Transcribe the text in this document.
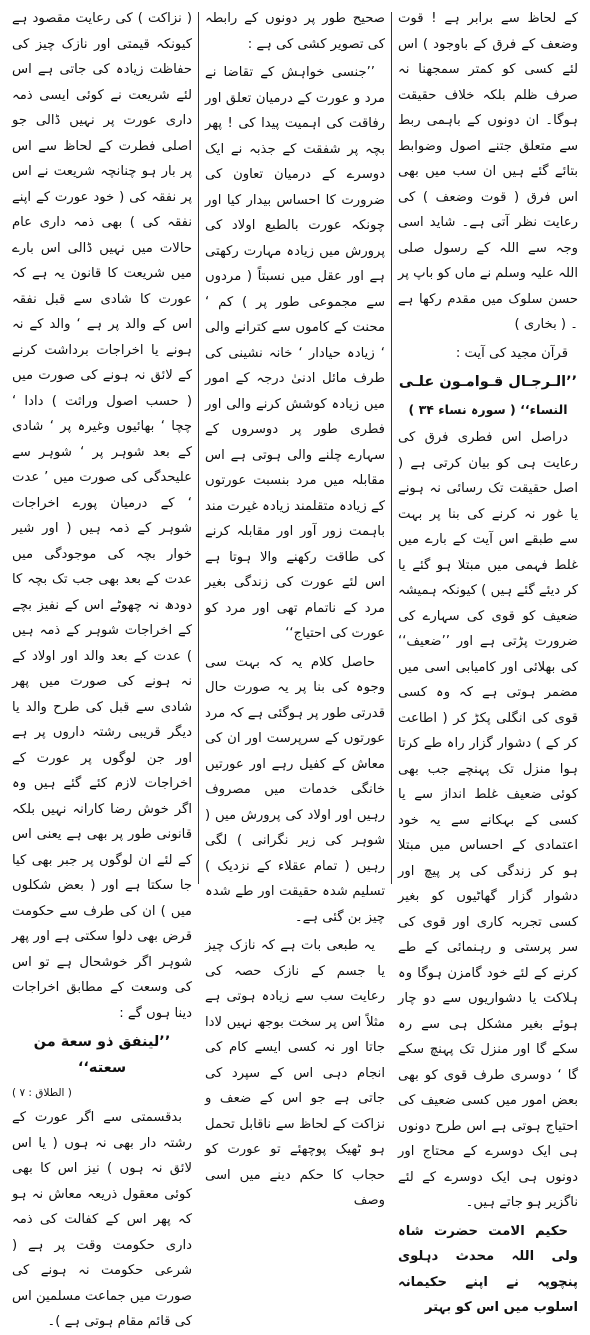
کے لحاظ سے برابر ہے ! قوت وضعف کے فرق کے باوجود ) اس لئے کسی کو کمتر سمجھنا نہ صرف ظلم بلکہ خلاف حقیقت ہوگا۔ ان دونوں کے باہمی ربط سے متعلق جتنے اصول وضوابط بتائے گئے ہیں ان سب میں بھی اس فرق ( قوت وضعف ) کی رعایت نظر آتی ہے۔ شاید اسی وجہ سے اللہ کے رسول صلی اللہ علیہ وسلم نے ماں کو باپ پر حسن سلوک میں مقدم رکھا ہے ۔ ( بخاری )

قرآن مجید کی آیت :

’’الـرجـال قـوامـون علـى

النساء‘‘ ( سورہ نساء ۳۴ )

دراصل اس فطری فرق کی رعایت ہی کو بیان کرتی ہے ( اصل حقیقت تک رسائی نہ ہونے یا غور نہ کرنے کی بنا پر بہت سے طبقے اس آیت کے بارے میں غلط فہمی میں مبتلا ہو گئے یا کر دیئے گئے ہیں ) کیونکہ ہمیشہ ضعیف کو قوی کی سہارے کی ضرورت پڑتی ہے اور ’’ضعیف‘‘ کی بھلائی اور کامیابی اسی میں مضمر ہوتی ہے کہ وہ کسی قوی کی انگلی پکڑ کر ( اطاعت کر کے ) دشوار گزار راہ طے کرتا ہوا منزل تک پہنچے جب بھی کوئی ضعیف غلط انداز سے یا کسی کے بہکانے سے یہ خود اعتمادی کے احساس میں مبتلا ہو کر زندگی کی پر پیچ اور دشوار گزار گھاٹیوں کو بغیر کسی تجربہ کاری اور قوی کی سر پرستی و رہنمائی کے طے کرنے کے لئے خود گامزن ہوگا وہ ہلاکت یا دشواریوں سے دو چار ہوئے بغیر مشکل ہی سے رہ سکے گا اور منزل تک پہنچ سکے گا ‘ دوسری طرف قوی کو بھی بعض امور میں کسی ضعیف کی احتیاج ہوتی ہے اس طرح دونوں ہی ایک دوسرے کے محتاج اور دونوں ہی ایک دوسرے کے لئے ناگزیر ہو جاتے ہیں۔

حکیم الامت حضرت شاہ ولی اللہ محدث دہلوی پنچوپہ نے اپنے حکیمانہ اسلوب میں اس کو بہتر

صحیح طور پر دونوں کے رابطہ کی تصویر کشی کی ہے :

’’جنسی خواہش کے تقاضا نے مرد و عورت کے درمیان تعلق اور رفاقت کی اہمیت پیدا کی ! پھر بچہ پر شفقت کے جذبہ نے ایک دوسرے کے درمیان تعاون کی ضرورت کا احساس بیدار کیا اور چونکہ عورت بالطبع اولاد کی پرورش میں زیادہ مہارت رکھتی ہے اور عقل میں نسبتاً ( مردوں سے مجموعی طور پر ) کم ‘ محنت کے کاموں سے کترانے والی ‘ زیادہ حیادار ‘ خانہ نشینی کی طرف مائل ادنیٰ درجہ کے امور میں زیادہ کوشش کرنے والی اور فطری طور پر دوسروں کے سہارے چلنے والی ہوتی ہے اس مقابلہ میں مرد بنسبت عورتوں کے زیادہ متقلمند زیادہ غیرت مند باہمت زور آور اور مقابلہ کرنے کی طاقت رکھنے والا ہوتا ہے اس لئے عورت کی زندگی بغیر مرد کے ناتمام تھی اور مرد کو عورت کی احتیاج‘‘

حاصل کلام یہ کہ بہت سی وجوہ کی بنا پر یہ صورت حال قدرتی طور پر ہوگئی ہے کہ مرد عورتوں کے سرپرست اور ان کی معاش کے کفیل رہے اور عورتیں خانگی خدمات میں مصروف رہیں اور اولاد کی پرورش میں ( شوہر کی زیر نگرانی ) لگی رہیں ( تمام عقلاء کے نزدیک ) تسلیم شدہ حقیقت اور طے شدہ چیز بن گئی ہے۔

یہ طبعی بات ہے کہ نازک چیز یا جسم کے نازک حصہ کی رعایت سب سے زیادہ ہوتی ہے مثلاً اس پر سخت بوجھ نہیں لادا جاتا اور نہ کسی ایسے کام کی انجام دہی اس کے سپرد کی جاتی ہے جو اس کے ضعف و نزاکت کے لحاظ سے ناقابل تحمل ہو ٹھیک پوچھئے تو عورت کو حجاب کا حکم دینے میں اسی وصف

( نزاکت ) کی رعایت مقصود ہے کیونکہ قیمتی اور نازک چیز کی حفاظت زیادہ کی جاتی ہے اس لئے شریعت نے کوئی ایسی ذمہ داری عورت پر نہیں ڈالی جو اصلی فطرت کے لحاظ سے اس پر بار ہو چنانچہ شریعت نے اس پر نفقہ کی ( خود عورت کے اپنے نفقہ کی ) بھی ذمہ داری عام حالات میں نہیں ڈالی اس بارے میں شریعت کا قانون یہ ہے کہ عورت کا شادی سے قبل نفقہ اس کے والد پر ہے ‘ والد کے نہ ہونے یا اخراجات برداشت کرنے کے لائق نہ ہونے کی صورت میں ( حسب اصول وراثت ) دادا ‘ چچا ‘ بھائیوں وغیرہ پر ‘ شادی کے بعد شوہر پر ‘ شوہر سے علیحدگی کی صورت میں ’ عدت ‘ کے درمیان پورے اخراجات شوہر کے ذمہ ہیں ( اور شیر خوار بچہ کی موجودگی میں عدت کے بعد بھی جب تک بچہ کا دودھ نہ چھوٹے اس کے نفیز بچے کے اخراجات شوہر کے ذمہ ہیں ) عدت کے بعد والد اور اولاد کے نہ ہونے کی صورت میں پھر شادی سے قبل کی طرح والد یا دیگر قریبی رشتہ داروں پر ہے اور جن لوگوں پر عورت کے اخراجات لازم کئے گئے ہیں وہ اگر خوش رضا کارانہ نہیں بلکہ قانونی طور پر بھی ہے یعنی اس کے لئے ان لوگوں پر جبر بھی کیا جا سکتا ہے اور ( بعض شکلوں میں ) ان کی طرف سے حکومت قرض بھی دلوا سکتی ہے اور پھر شوہر اگر خوشحال ہے تو اس کی وسعت کے مطابق اخراجات دینا ہوں گے :

’’لينفق ذو سعة من سعته‘‘

( الطلاق : ۷ )

بدقسمتی سے اگر عورت کے رشتہ دار بھی نہ ہوں ( یا اس لائق نہ ہوں ) نیز اس کا بھی کوئی معقول ذریعہ معاش نہ ہو کہ پھر اس کے کفالت کی ذمہ داری حکومت وقت پر ہے ( شرعی حکومت نہ ہونے کی صورت میں جماعت مسلمین اس کی قائم مقام ہوتی ہے )۔
